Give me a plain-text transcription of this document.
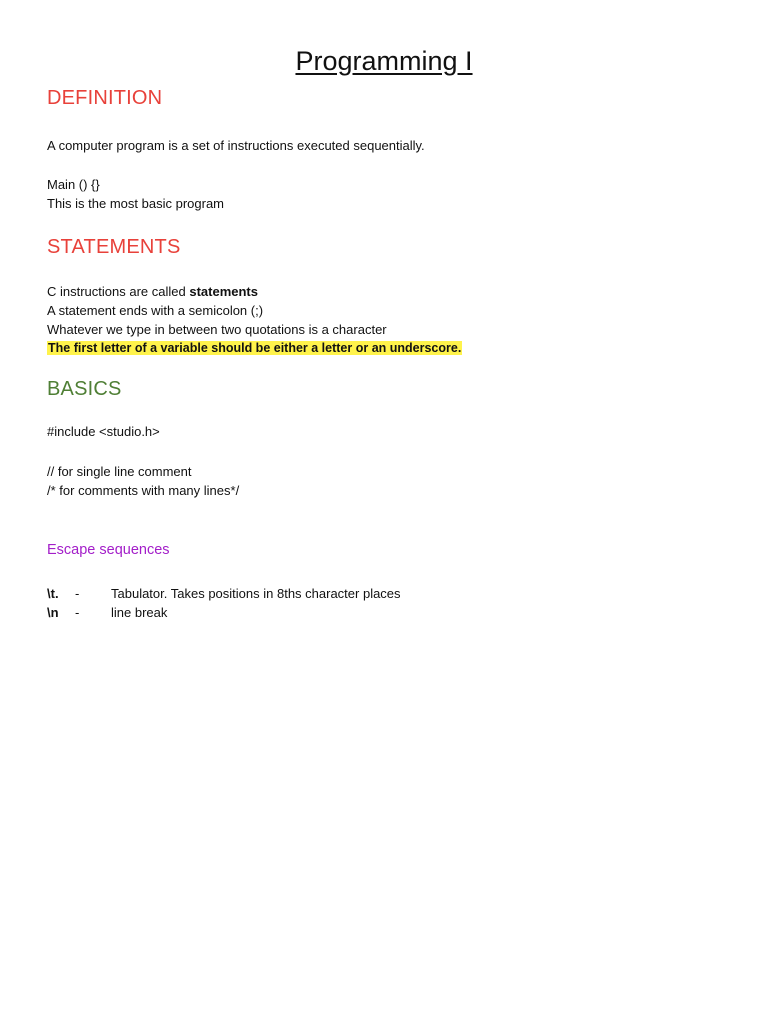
Programming I
DEFINITION
A computer program is a set of instructions executed sequentially.
Main () {}
This is the most basic program
STATEMENTS
C instructions are called statements
A statement ends with a semicolon (;)
Whatever we type in between two quotations is a character
The first letter of a variable should be either a letter or an underscore.
BASICS
#include <studio.h>
// for single line comment
/* for comments with many lines*/
Escape sequences
\t. - Tabulator. Takes positions in 8ths character places
\n - line break
